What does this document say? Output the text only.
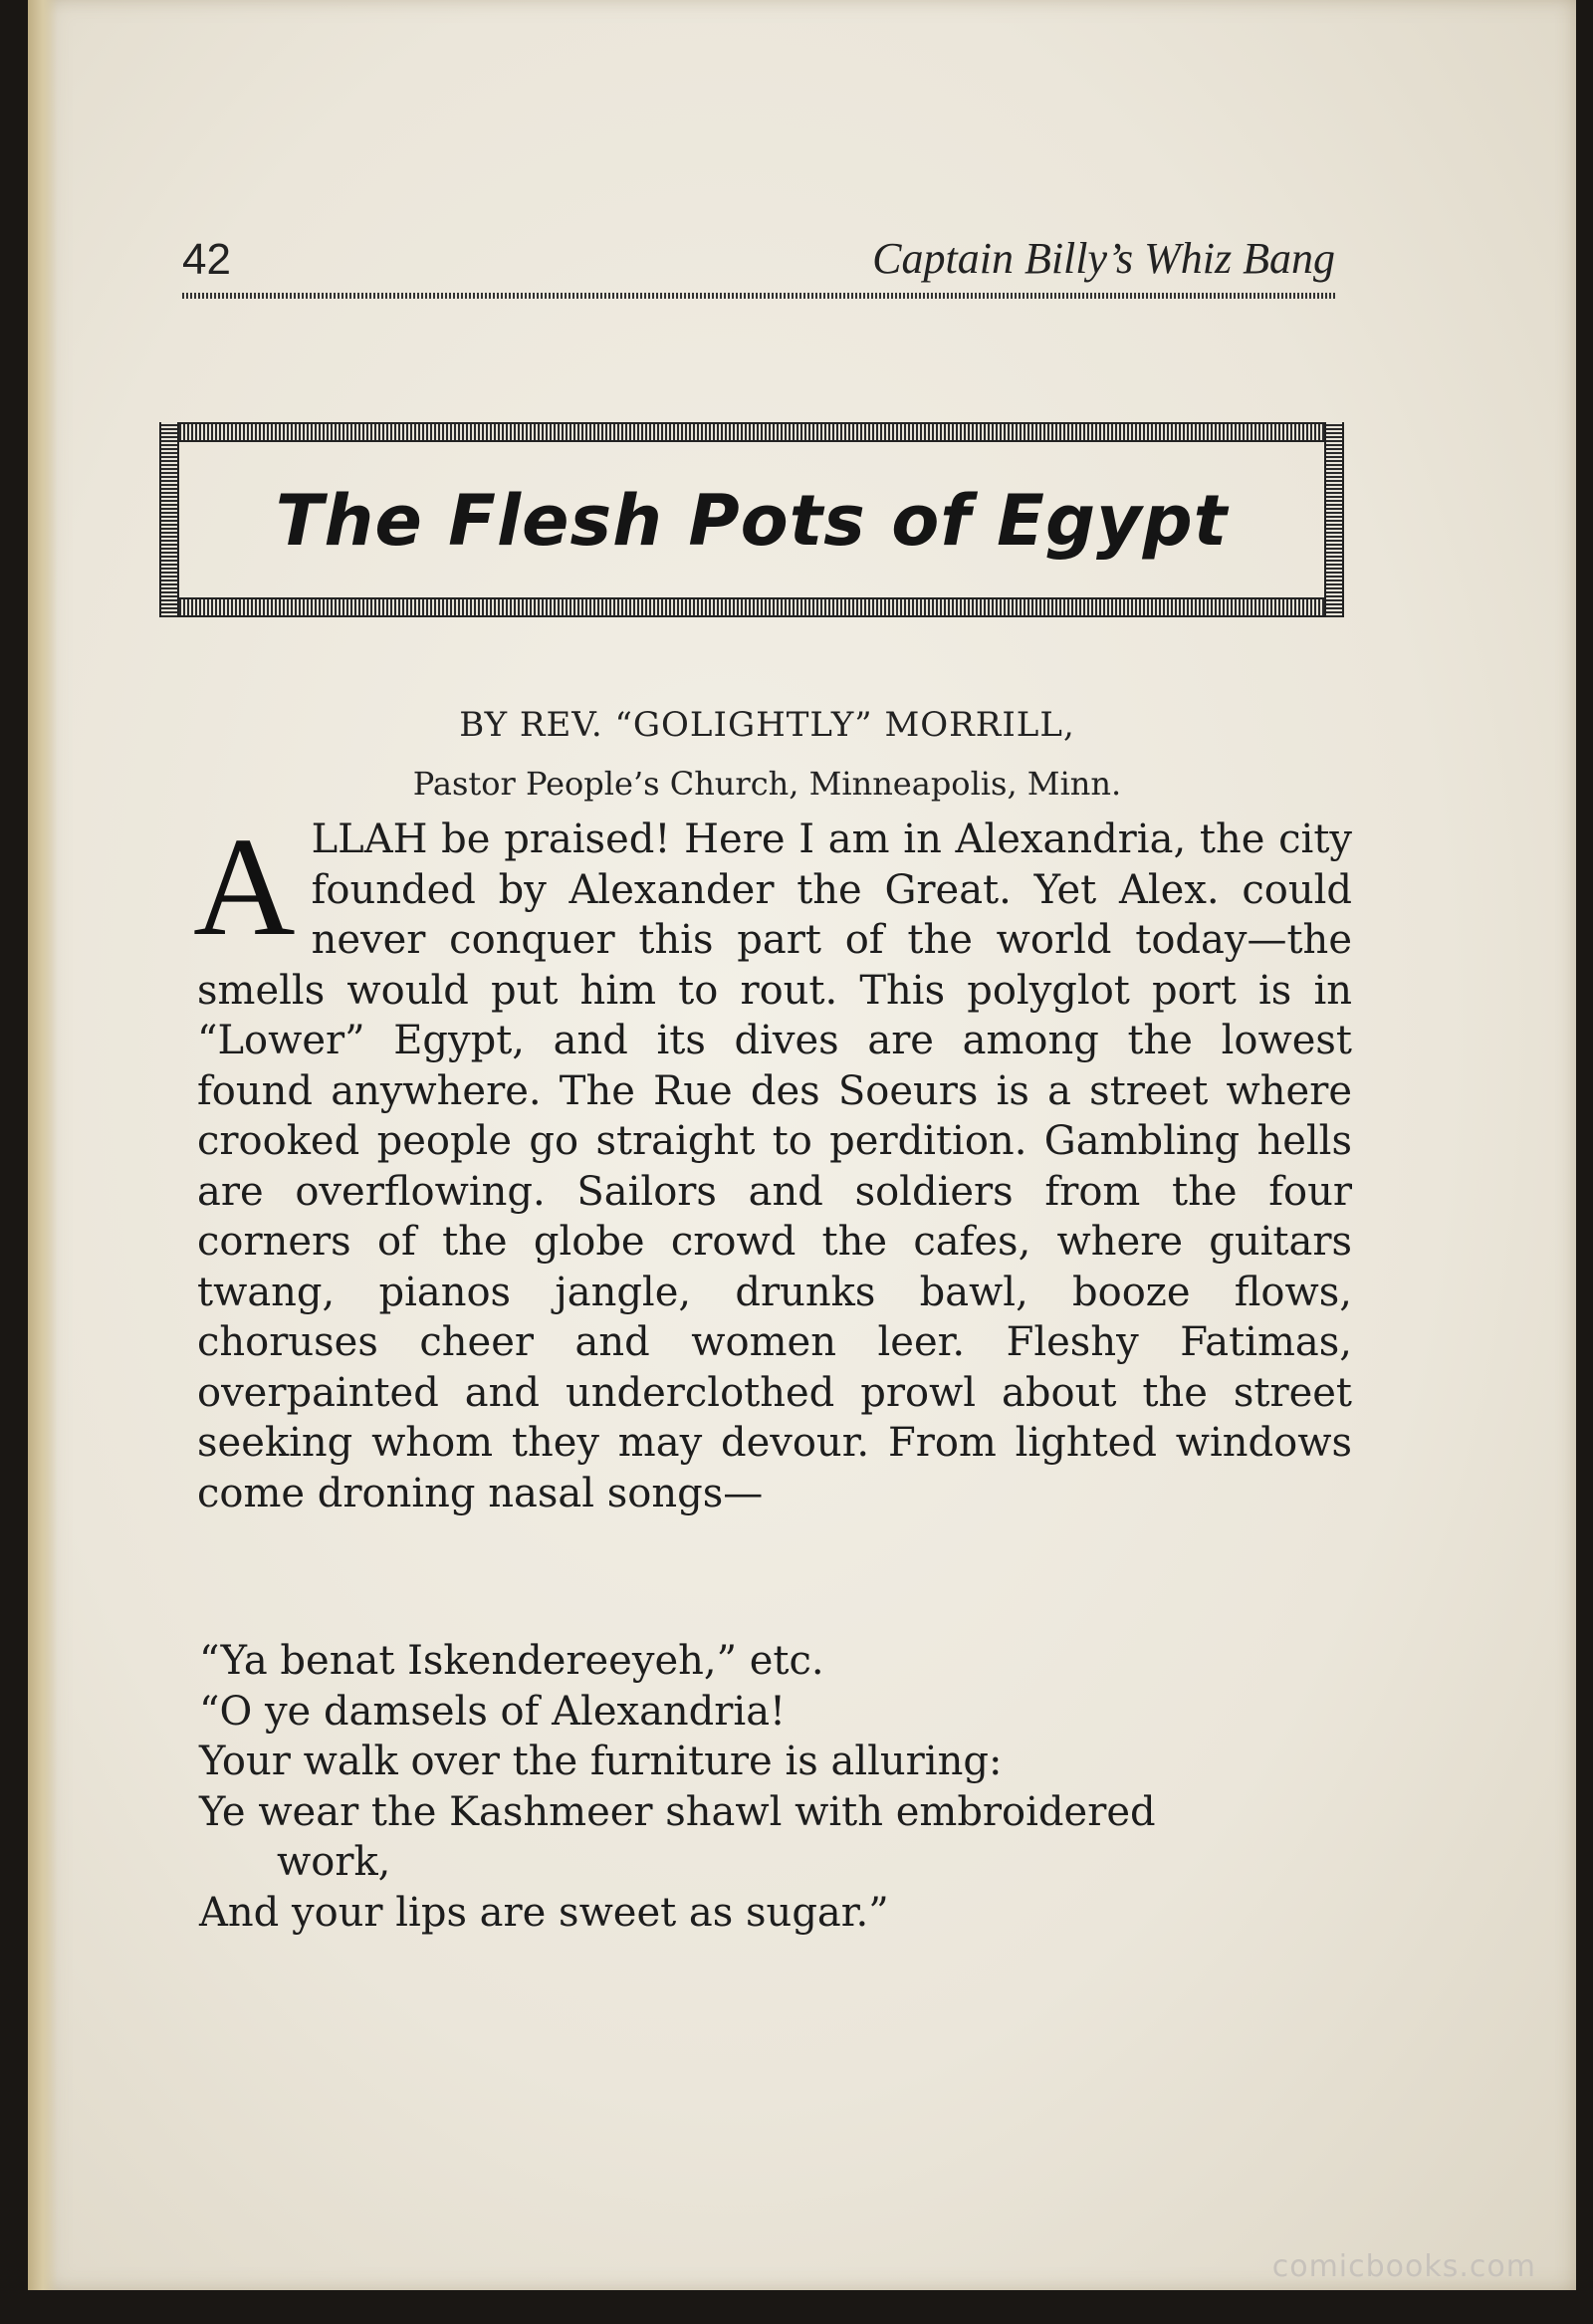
42	Captain Billy’s Whiz Bang
The Flesh Pots of Egypt
BY REV. “GOLIGHTLY” MORRILL,
Pastor People’s Church, Minneapolis, Minn.
A LLAH be praised! Here I am in Alexandria, the city founded by Alexander the Great. Yet Alex. could never conquer this part of the world today—the smells would put him to rout. This polyglot port is in “Lower” Egypt, and its dives are among the lowest found anywhere. The Rue des Soeurs is a street where crooked people go straight to perdition. Gambling hells are overflowing. Sailors and soldiers from the four corners of the globe crowd the cafes, where guitars twang, pianos jangle, drunks bawl, booze flows, choruses cheer and women leer. Fleshy Fatimas, overpainted and underclothed prowl about the street seeking whom they may devour. From lighted windows come droning nasal songs—
“Ya benat Iskendereeyeh,” etc.
“O ye damsels of Alexandria!
Your walk over the furniture is alluring:
Ye wear the Kashmeer shawl with embroidered
work,
And your lips are sweet as sugar.”
comicbooks.com
